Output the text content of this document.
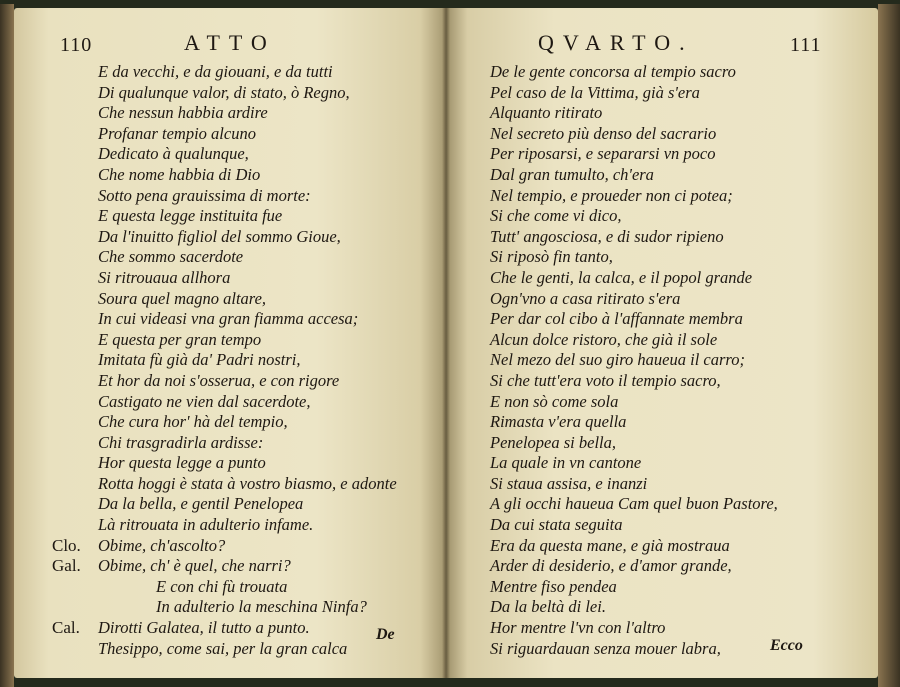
110	ATTO
E da vecchi, e da giouani, e da tutti
Di qualunque valor, di stato, ò Regno,
Che nessun habbia ardire
Profanar tempio alcuno
Dedicato à qualunque,
Che nome habbia di Dio
Sotto pena grauissima di morte:
E questa legge instituita fue
Da l'inuitto figliol del sommo Gioue,
Che sommo sacerdote
Si ritrouaua allhora
Soura quel magno altare,
In cui videasi vna gran fiamma accesa;
E questa per gran tempo
Imitata fù già da' Padri nostri,
Et hor da noi s'osserua, e con rigore
Castigato ne vien dal sacerdote,
Che cura hor' hà del tempio,
Chi trasgradirla ardisse:
Hor questa legge a punto
Rotta hoggi è stata à vostro biasmo, e adonte
Da la bella, e gentil Penelopea
Là ritrouata in adulterio infame.
Clo. Obime, ch'ascolto?
Gal. Obime, ch' è quel, che narri?
E con chi fù trouata
In adulterio la meschina Ninfa?
Cal. Dirotti Galatea, il tutto a punto.
Thesippo, come sai, per la gran calca
De
QVARTO.	111
De le gente concorsa al tempio sacro
Pel caso de la Vittima, già s'era
Alquanto ritirato
Nel secreto più denso del sacrario
Per riposarsi, e separarsi vn poco
Dal gran tumulto, ch'era
Nel tempio, e proueder non ci potea;
Si che come vi dico,
Tutt' angosciosa, e di sudor ripieno
Si riposò fin tanto,
Che le genti, la calca, e il popol grande
Ogn'vno a casa ritirato s'era
Per dar col cibo à l'affannate membra
Alcun dolce ristoro, che già il sole
Nel mezo del suo giro haueua il carro;
Si che tutt'era voto il tempio sacro,
E non sò come sola
Rimasta v'era quella
Penelopea si bella,
La quale in vn cantone
Si staua assisa, e inanzi
A gli occhi haueua Cam quel buon Pastore,
Da cui stata seguita
Era da questa mane, e già mostraua
Arder di desiderio, e d'amor grande,
Mentre fiso pendea
Da la beltà di lei.
Hor mentre l'vn con l'altro
Si riguardauan senza mouer labra,	Ecco
